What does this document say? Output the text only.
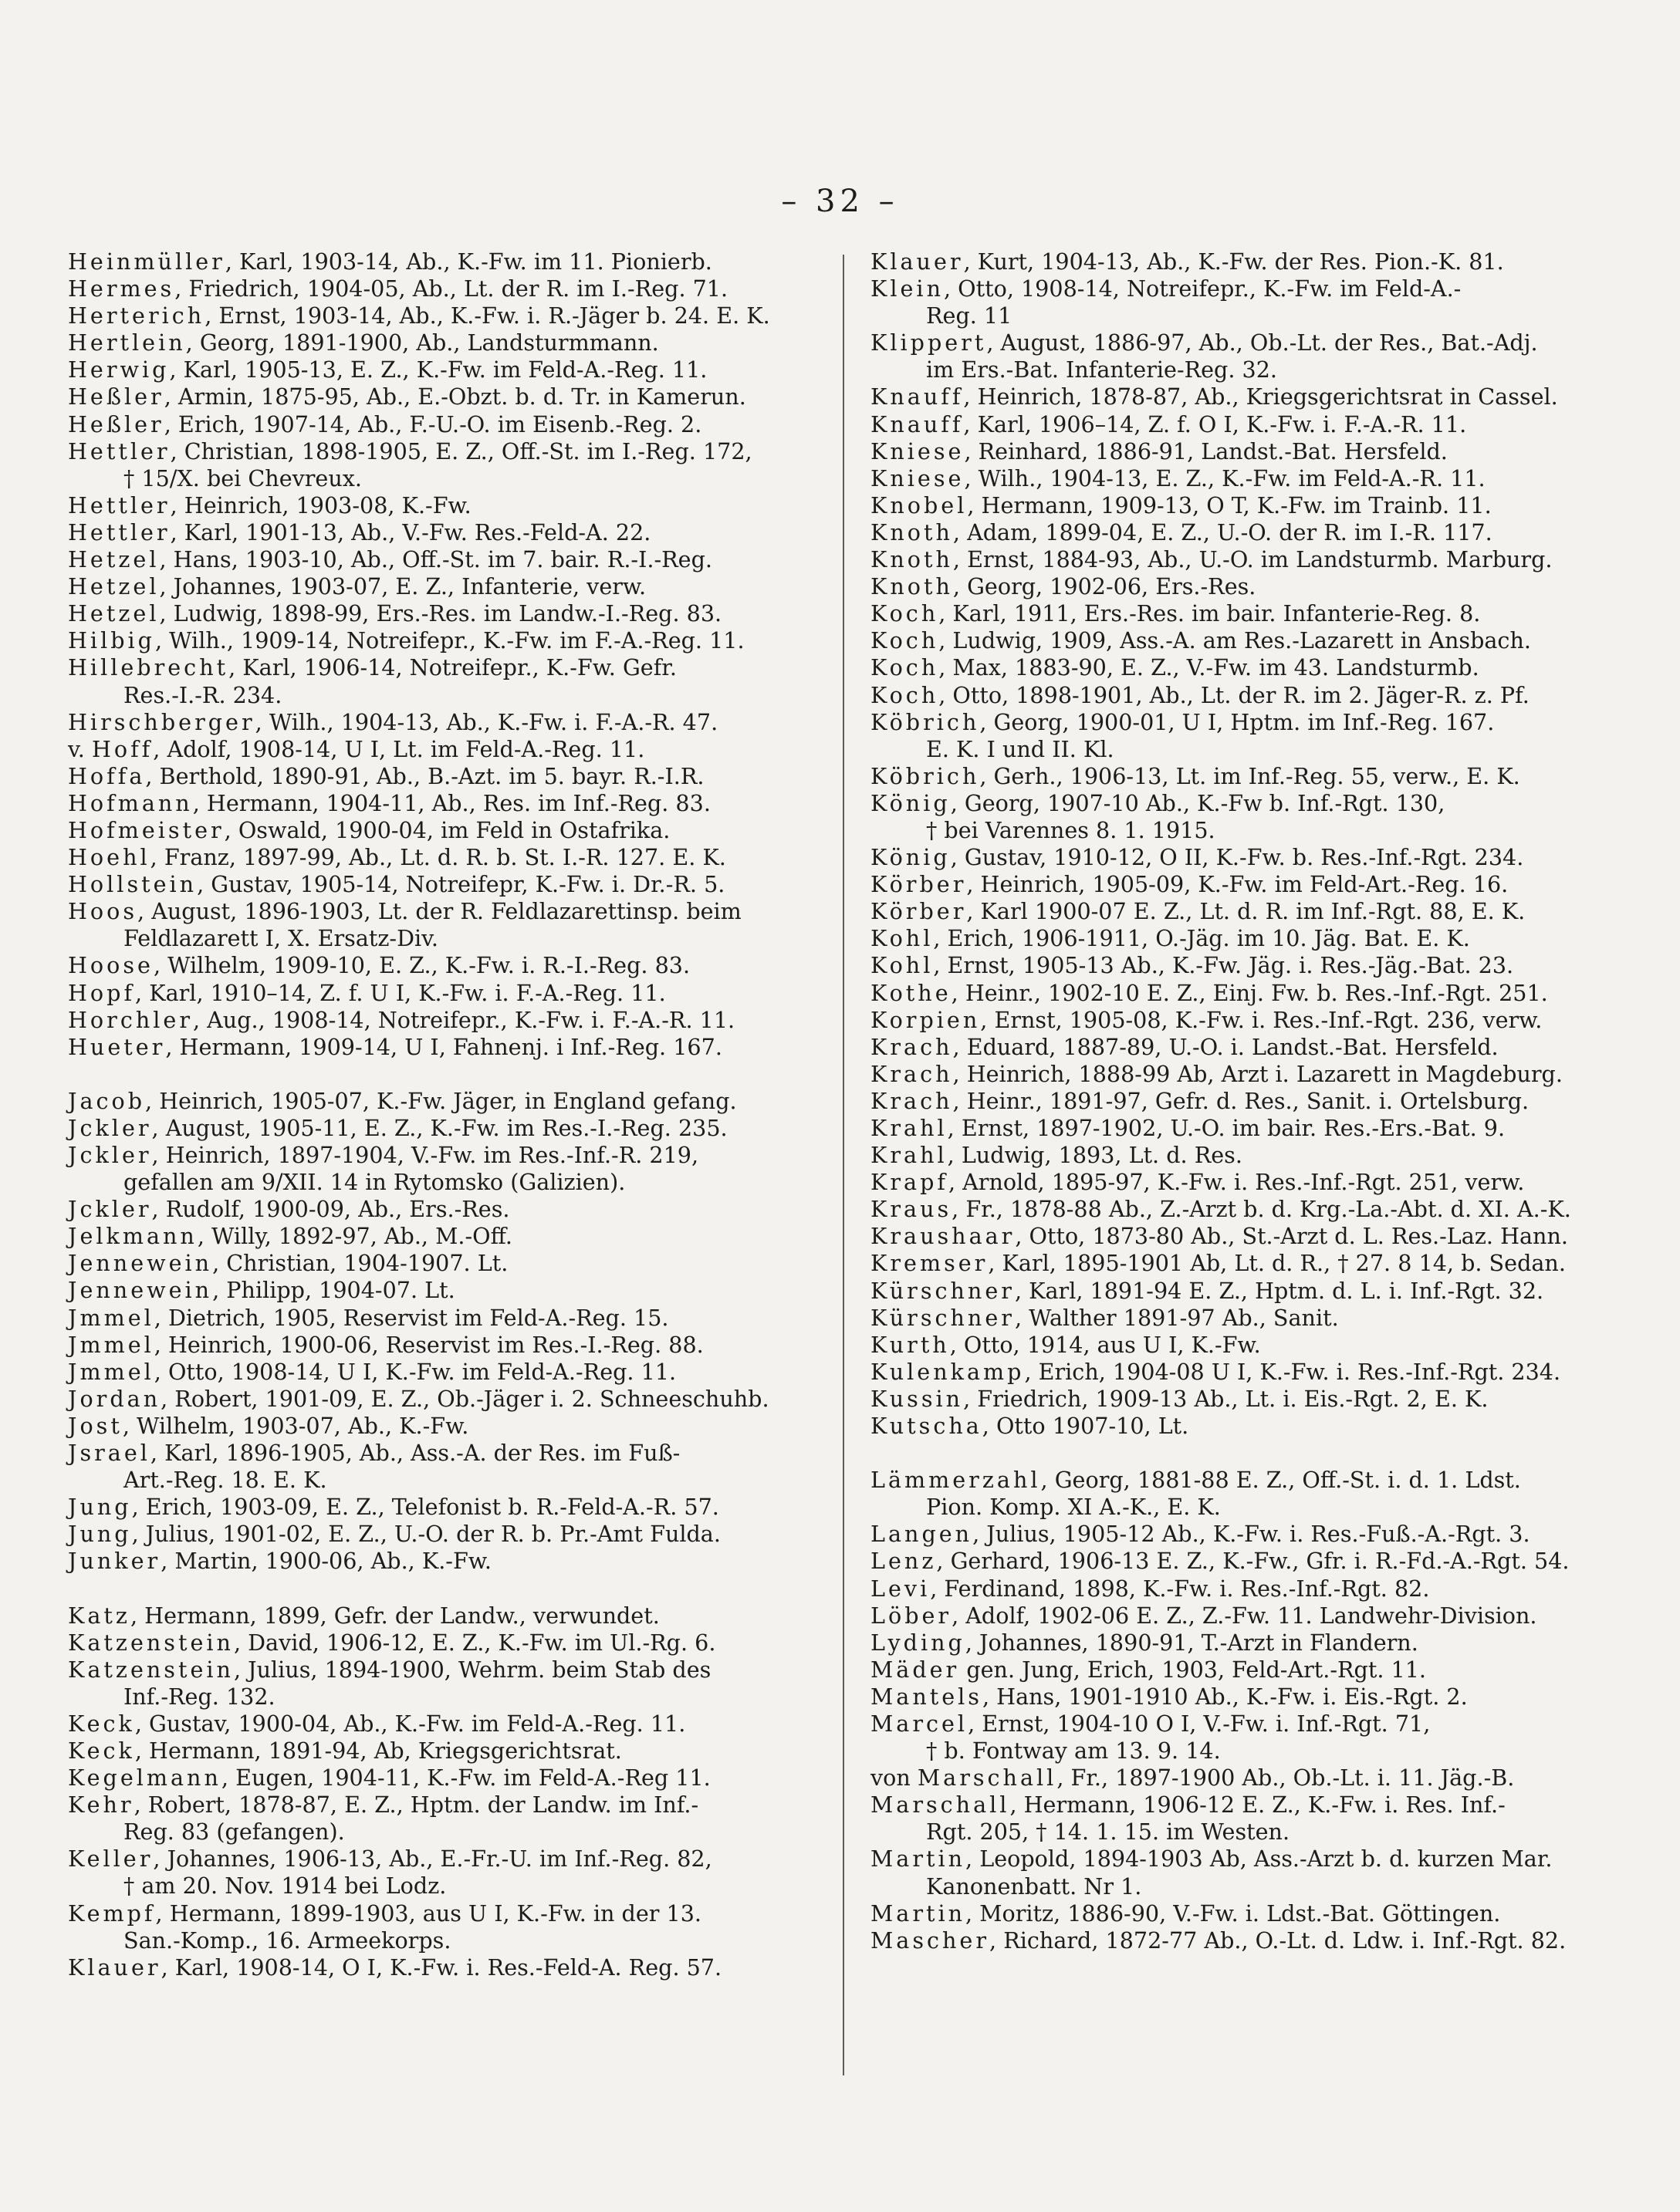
– 32 –
Heinmüller, Karl, 1903-14, Ab., K.-Fw. im 11. Pionierb.
Hermes, Friedrich, 1904-05, Ab., Lt. der R. im I.-Reg. 71.
Herterich, Ernst, 1903-14, Ab., K.-Fw. i. R.-Jäger b. 24. E. K.
Hertlein, Georg, 1891-1900, Ab., Landsturmmann.
Herwig, Karl, 1905-13, E. Z., K.-Fw. im Feld-A.-Reg. 11.
Heßler, Armin, 1875-95, Ab., E.-Obzt. b. d. Tr. in Kamerun.
Heßler, Erich, 1907-14, Ab., F.-U.-O. im Eisenb.-Reg. 2.
Hettler, Christian, 1898-1905, E. Z., Off.-St. im I.-Reg. 172,
† 15/X. bei Chevreux.
Hettler, Heinrich, 1903-08, K.-Fw.
Hettler, Karl, 1901-13, Ab., V.-Fw. Res.-Feld-A. 22.
Hetzel, Hans, 1903-10, Ab., Off.-St. im 7. bair. R.-I.-Reg.
Hetzel, Johannes, 1903-07, E. Z., Infanterie, verw.
Hetzel, Ludwig, 1898-99, Ers.-Res. im Landw.-I.-Reg. 83.
Hilbig, Wilh., 1909-14, Notreifepr., K.-Fw. im F.-A.-Reg. 11.
Hillebrecht, Karl, 1906-14, Notreifepr., K.-Fw. Gefr.
Res.-I.-R. 234.
Hirschberger, Wilh., 1904-13, Ab., K.-Fw. i. F.-A.-R. 47.
v. Hoff, Adolf, 1908-14, U I, Lt. im Feld-A.-Reg. 11.
Hoffa, Berthold, 1890-91, Ab., B.-Azt. im 5. bayr. R.-I.R.
Hofmann, Hermann, 1904-11, Ab., Res. im Inf.-Reg. 83.
Hofmeister, Oswald, 1900-04, im Feld in Ostafrika.
Hoehl, Franz, 1897-99, Ab., Lt. d. R. b. St. I.-R. 127. E. K.
Hollstein, Gustav, 1905-14, Notreifepr, K.-Fw. i. Dr.-R. 5.
Hoos, August, 1896-1903, Lt. der R. Feldlazarettinsp. beim
Feldlazarett I, X. Ersatz-Div.
Hoose, Wilhelm, 1909-10, E. Z., K.-Fw. i. R.-I.-Reg. 83.
Hopf, Karl, 1910–14, Z. f. U I, K.-Fw. i. F.-A.-Reg. 11.
Horchler, Aug., 1908-14, Notreifepr., K.-Fw. i. F.-A.-R. 11.
Hueter, Hermann, 1909-14, U I, Fahnenj. i Inf.-Reg. 167.
Jacob, Heinrich, 1905-07, K.-Fw. Jäger, in England gefang.
Jckler, August, 1905-11, E. Z., K.-Fw. im Res.-I.-Reg. 235.
Jckler, Heinrich, 1897-1904, V.-Fw. im Res.-Inf.-R. 219,
gefallen am 9/XII. 14 in Rytomsko (Galizien).
Jckler, Rudolf, 1900-09, Ab., Ers.-Res.
Jelkmann, Willy, 1892-97, Ab., M.-Off.
Jennewein, Christian, 1904-1907. Lt.
Jennewein, Philipp, 1904-07. Lt.
Jmmel, Dietrich, 1905, Reservist im Feld-A.-Reg. 15.
Jmmel, Heinrich, 1900-06, Reservist im Res.-I.-Reg. 88.
Jmmel, Otto, 1908-14, U I, K.-Fw. im Feld-A.-Reg. 11.
Jordan, Robert, 1901-09, E. Z., Ob.-Jäger i. 2. Schneeschuhb.
Jost, Wilhelm, 1903-07, Ab., K.-Fw.
Jsrael, Karl, 1896-1905, Ab., Ass.-A. der Res. im Fuß-
Art.-Reg. 18. E. K.
Jung, Erich, 1903-09, E. Z., Telefonist b. R.-Feld-A.-R. 57.
Jung, Julius, 1901-02, E. Z., U.-O. der R. b. Pr.-Amt Fulda.
Junker, Martin, 1900-06, Ab., K.-Fw.
Katz, Hermann, 1899, Gefr. der Landw., verwundet.
Katzenstein, David, 1906-12, E. Z., K.-Fw. im Ul.-Rg. 6.
Katzenstein, Julius, 1894-1900, Wehrm. beim Stab des
Inf.-Reg. 132.
Keck, Gustav, 1900-04, Ab., K.-Fw. im Feld-A.-Reg. 11.
Keck, Hermann, 1891-94, Ab, Kriegsgerichtsrat.
Kegelmann, Eugen, 1904-11, K.-Fw. im Feld-A.-Reg 11.
Kehr, Robert, 1878-87, E. Z., Hptm. der Landw. im Inf.-
Reg. 83 (gefangen).
Keller, Johannes, 1906-13, Ab., E.-Fr.-U. im Inf.-Reg. 82,
† am 20. Nov. 1914 bei Lodz.
Kempf, Hermann, 1899-1903, aus U I, K.-Fw. in der 13.
San.-Komp., 16. Armeekorps.
Klauer, Karl, 1908-14, O I, K.-Fw. i. Res.-Feld-A. Reg. 57.
Klauer, Kurt, 1904-13, Ab., K.-Fw. der Res. Pion.-K. 81.
Klein, Otto, 1908-14, Notreifepr., K.-Fw. im Feld-A.-
Reg. 11
Klippert, August, 1886-97, Ab., Ob.-Lt. der Res., Bat.-Adj.
im Ers.-Bat. Infanterie-Reg. 32.
Knauff, Heinrich, 1878-87, Ab., Kriegsgerichtsrat in Cassel.
Knauff, Karl, 1906–14, Z. f. O I, K.-Fw. i. F.-A.-R. 11.
Kniese, Reinhard, 1886-91, Landst.-Bat. Hersfeld.
Kniese, Wilh., 1904-13, E. Z., K.-Fw. im Feld-A.-R. 11.
Knobel, Hermann, 1909-13, O T, K.-Fw. im Trainb. 11.
Knoth, Adam, 1899-04, E. Z., U.-O. der R. im I.-R. 117.
Knoth, Ernst, 1884-93, Ab., U.-O. im Landsturmb. Marburg.
Knoth, Georg, 1902-06, Ers.-Res.
Koch, Karl, 1911, Ers.-Res. im bair. Infanterie-Reg. 8.
Koch, Ludwig, 1909, Ass.-A. am Res.-Lazarett in Ansbach.
Koch, Max, 1883-90, E. Z., V.-Fw. im 43. Landsturmb.
Koch, Otto, 1898-1901, Ab., Lt. der R. im 2. Jäger-R. z. Pf.
Köbrich, Georg, 1900-01, U I, Hptm. im Inf.-Reg. 167.
E. K. I und II. Kl.
Köbrich, Gerh., 1906-13, Lt. im Inf.-Reg. 55, verw., E. K.
König, Georg, 1907-10 Ab., K.-Fw b. Inf.-Rgt. 130,
† bei Varennes 8. 1. 1915.
König, Gustav, 1910-12, O II, K.-Fw. b. Res.-Inf.-Rgt. 234.
Körber, Heinrich, 1905-09, K.-Fw. im Feld-Art.-Reg. 16.
Körber, Karl 1900-07 E. Z., Lt. d. R. im Inf.-Rgt. 88, E. K.
Kohl, Erich, 1906-1911, O.-Jäg. im 10. Jäg. Bat. E. K.
Kohl, Ernst, 1905-13 Ab., K.-Fw. Jäg. i. Res.-Jäg.-Bat. 23.
Kothe, Heinr., 1902-10 E. Z., Einj. Fw. b. Res.-Inf.-Rgt. 251.
Korpien, Ernst, 1905-08, K.-Fw. i. Res.-Inf.-Rgt. 236, verw.
Krach, Eduard, 1887-89, U.-O. i. Landst.-Bat. Hersfeld.
Krach, Heinrich, 1888-99 Ab, Arzt i. Lazarett in Magdeburg.
Krach, Heinr., 1891-97, Gefr. d. Res., Sanit. i. Ortelsburg.
Krahl, Ernst, 1897-1902, U.-O. im bair. Res.-Ers.-Bat. 9.
Krahl, Ludwig, 1893, Lt. d. Res.
Krapf, Arnold, 1895-97, K.-Fw. i. Res.-Inf.-Rgt. 251, verw.
Kraus, Fr., 1878-88 Ab., Z.-Arzt b. d. Krg.-La.-Abt. d. XI. A.-K.
Kraushaar, Otto, 1873-80 Ab., St.-Arzt d. L. Res.-Laz. Hann.
Kremser, Karl, 1895-1901 Ab, Lt. d. R., † 27. 8 14, b. Sedan.
Kürschner, Karl, 1891-94 E. Z., Hptm. d. L. i. Inf.-Rgt. 32.
Kürschner, Walther 1891-97 Ab., Sanit.
Kurth, Otto, 1914, aus U I, K.-Fw.
Kulenkamp, Erich, 1904-08 U I, K.-Fw. i. Res.-Inf.-Rgt. 234.
Kussin, Friedrich, 1909-13 Ab., Lt. i. Eis.-Rgt. 2, E. K.
Kutscha, Otto 1907-10, Lt.
Lämmerzahl, Georg, 1881-88 E. Z., Off.-St. i. d. 1. Ldst.
Pion. Komp. XI A.-K., E. K.
Langen, Julius, 1905-12 Ab., K.-Fw. i. Res.-Fuß.-A.-Rgt. 3.
Lenz, Gerhard, 1906-13 E. Z., K.-Fw., Gfr. i. R.-Fd.-A.-Rgt. 54.
Levi, Ferdinand, 1898, K.-Fw. i. Res.-Inf.-Rgt. 82.
Löber, Adolf, 1902-06 E. Z., Z.-Fw. 11. Landwehr-Division.
Lyding, Johannes, 1890-91, T.-Arzt in Flandern.
Mäder gen. Jung, Erich, 1903, Feld-Art.-Rgt. 11.
Mantels, Hans, 1901-1910 Ab., K.-Fw. i. Eis.-Rgt. 2.
Marcel, Ernst, 1904-10 O I, V.-Fw. i. Inf.-Rgt. 71,
† b. Fontway am 13. 9. 14.
von Marschall, Fr., 1897-1900 Ab., Ob.-Lt. i. 11. Jäg.-B.
Marschall, Hermann, 1906-12 E. Z., K.-Fw. i. Res. Inf.-
Rgt. 205, † 14. 1. 15. im Westen.
Martin, Leopold, 1894-1903 Ab, Ass.-Arzt b. d. kurzen Mar.
Kanonenbatt. Nr 1.
Martin, Moritz, 1886-90, V.-Fw. i. Ldst.-Bat. Göttingen.
Mascher, Richard, 1872-77 Ab., O.-Lt. d. Ldw. i. Inf.-Rgt. 82.
